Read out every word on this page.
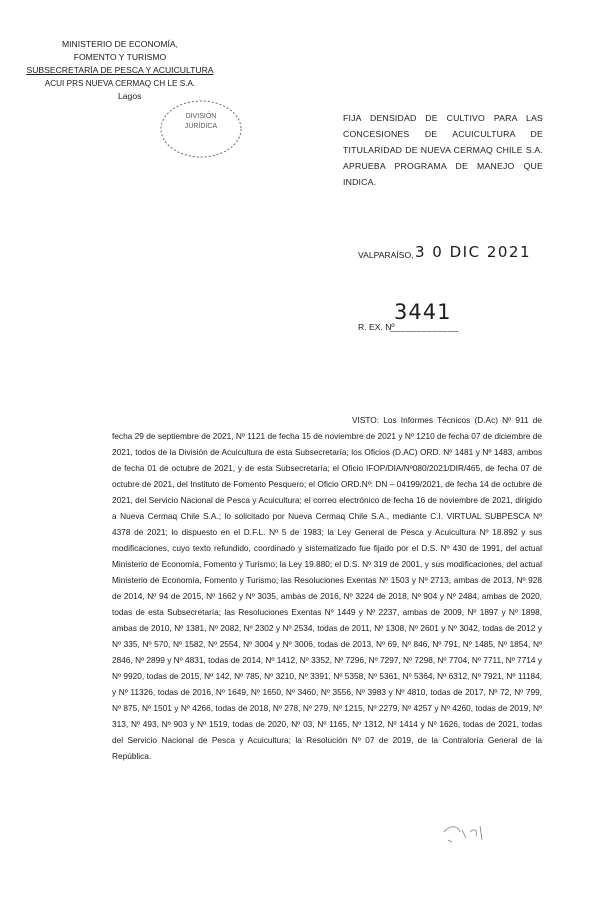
MINISTERIO DE ECONOMÍA,
FOMENTO Y TURISMO
SUBSECRETARÍA DE PESCA Y ACUICULTURA
ACUI PRS NUEVA CERMAQ CH LE S.A.
Lagos
DIVISIÓN
JURÍDICA
FIJA DENSIDAD DE CULTIVO PARA LAS CONCESIONES DE ACUICULTURA DE TITULARIDAD DE NUEVA CERMAQ CHILE S.A. APRUEBA PROGRAMA DE MANEJO QUE INDICA.
VALPARAÍSO, 3 0 DIC 2021
R. EX. Nº
_____________
3441
VISTO: Los Informes Técnicos (D.Ac) Nº 911 de fecha 29 de septiembre de 2021, Nº 1121 de fecha 15 de noviembre de 2021 y Nº 1210 de fecha 07 de diciembre de 2021, todos de la División de Acuicultura de esta Subsecretaría; los Oficios (D.AC) ORD. Nº 1481 y Nº 1483, ambos de fecha 01 de octubre de 2021, y de esta Subsecretaría; el Oficio IFOP/DIA/Nº080/2021/DIR/465, de fecha 07 de octubre de 2021, del Instituto de Fomento Pesquero; el Oficio ORD.Nº: DN – 04199/2021, de fecha 14 de octubre de 2021, del Servicio Nacional de Pesca y Acuicultura; el correo electrónico de fecha 16 de noviembre de 2021, dirigido a Nueva Cermaq Chile S.A.; lo solicitado por Nueva Cermaq Chile S.A., mediante C.I. VIRTUAL SUBPESCA Nº 4378 de 2021; lo dispuesto en el D.F.L. Nº 5 de 1983; la Ley General de Pesca y Acuicultura Nº 18.892 y sus modificaciones, cuyo texto refundido, coordinado y sistematizado fue fijado por el D.S. Nº 430 de 1991, del actual Ministerio de Economía, Fomento y Turismo; la Ley 19.880; el D.S. Nº 319 de 2001, y sus modificaciones, del actual Ministerio de Economía, Fomento y Turismo; las Resoluciones Exentas Nº 1503 y Nº 2713, ambas de 2013, Nº 928 de 2014, Nº 94 de 2015, Nº 1662 y Nº 3035, ambas de 2016, Nº 3224 de 2018, Nº 904 y Nº 2484, ambas de 2020, todas de esta Subsecretaría; las Resoluciones Exentas Nº 1449 y Nº 2237, ambas de 2009, Nº 1897 y Nº 1898, ambas de 2010, Nº 1381, Nº 2082, Nº 2302 y Nº 2534, todas de 2011, Nº 1308, Nº 2601 y Nº 3042, todas de 2012 y Nº 335, Nº 570, Nº 1582, Nº 2554, Nº 3004 y Nº 3006, todas de 2013, Nº 69, Nº 846, Nº 791, Nº 1485, Nº 1854, Nº 2846, Nº 2899 y Nº 4831, todas de 2014, Nº 1412, Nº 3352, Nº 7296, Nº 7297, Nº 7298, Nº 7704, Nº 7711, Nº 7714 y Nº 9920, todas de 2015, Nº 142, Nº 785, Nº 3210, Nº 3391, Nº 5358, Nº 5361, Nº 5364, Nº 6312, Nº 7921, Nº 11184, y Nº 11326, todas de 2016, Nº 1649, Nº 1650, Nº 3460, Nº 3556, Nº 3983 y Nº 4810, todas de 2017, Nº 72, Nº 799, Nº 875, Nº 1501 y Nº 4266, todas de 2018, Nº 278, Nº 279, Nº 1215, Nº 2279, Nº 4257 y Nº 4260, todas de 2019, Nº 313, Nº 493, Nº 903 y Nº 1519, todas de 2020, Nº 03, Nº 1165, Nº 1312, Nº 1414 y Nº 1626, todas de 2021, todas del Servicio Nacional de Pesca y Acuicultura; la Resolución Nº 07 de 2019, de la Contraloría General de la República.
